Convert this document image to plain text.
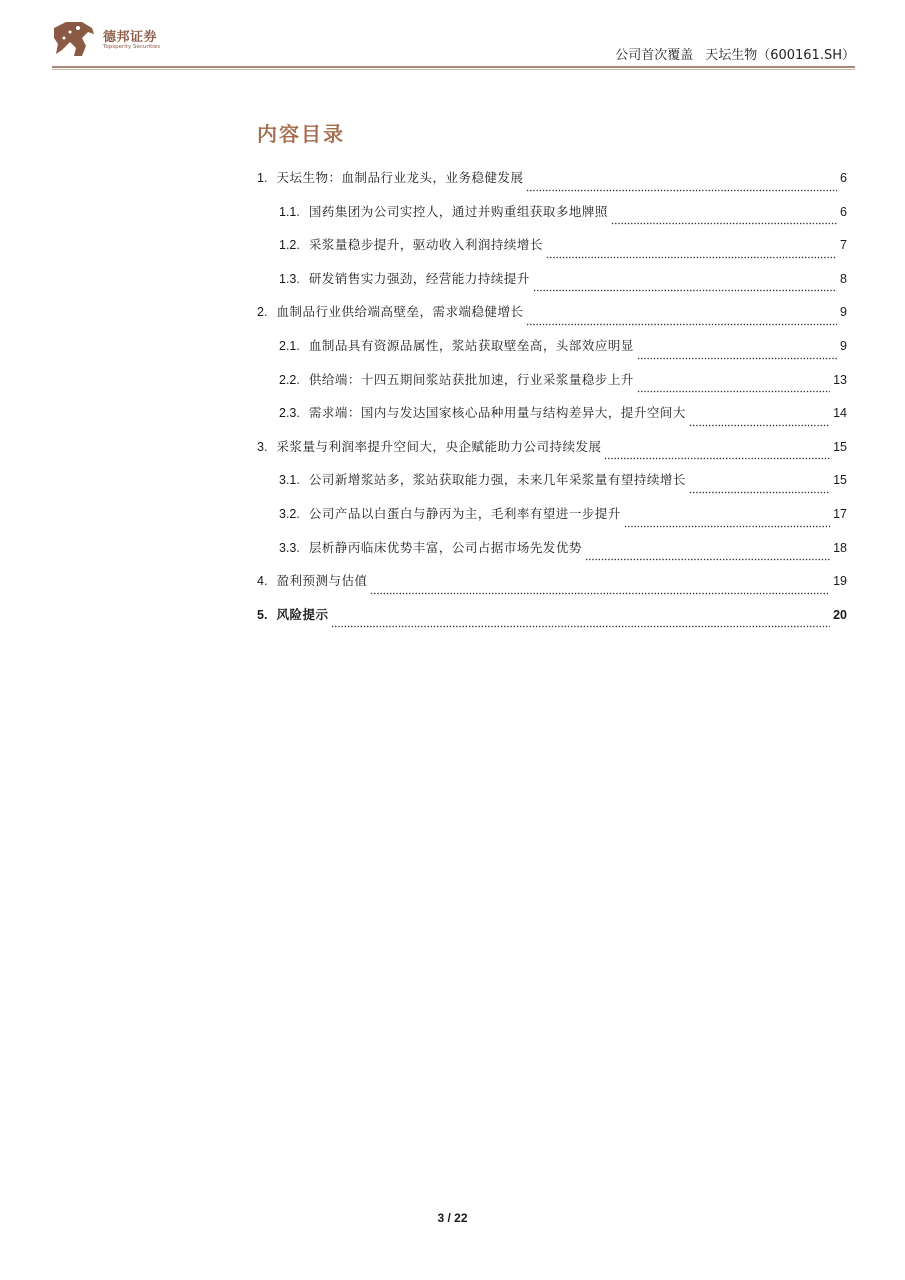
德邦证券
Topsperity Securities
公司首次覆盖 天坛生物（600161.SH）
内容目录
1. 天坛生物：血制品行业龙头，业务稳健发展	6
1.1. 国药集团为公司实控人，通过并购重组获取多地牌照	6
1.2. 采浆量稳步提升，驱动收入利润持续增长	7
1.3. 研发销售实力强劲，经营能力持续提升	8
2. 血制品行业供给端高壁垒，需求端稳健增长	9
2.1. 血制品具有资源品属性，浆站获取壁垒高，头部效应明显	9
2.2. 供给端：十四五期间浆站获批加速，行业采浆量稳步上升	13
2.3. 需求端：国内与发达国家核心品种用量与结构差异大，提升空间大	14
3. 采浆量与利润率提升空间大，央企赋能助力公司持续发展	15
3.1. 公司新增浆站多，浆站获取能力强，未来几年采浆量有望持续增长	15
3.2. 公司产品以白蛋白与静丙为主，毛利率有望进一步提升	17
3.3. 层析静丙临床优势丰富，公司占据市场先发优势	18
4. 盈利预测与估值	19
5. 风险提示	20
3 / 22
